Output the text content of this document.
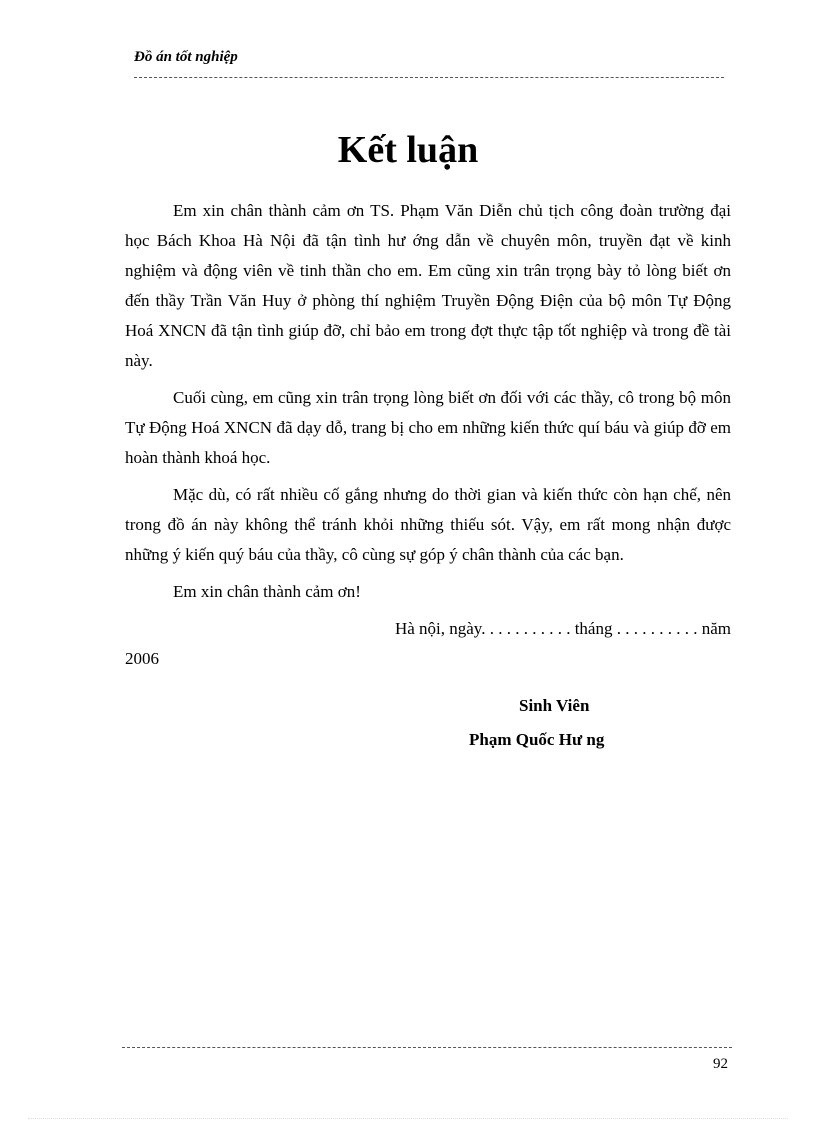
Đồ án tốt nghiệp
Kết luận

Em xin chân thành cảm ơn TS. Phạm Văn Diễn chủ tịch công đoàn trường đại học Bách Khoa Hà Nội đã tận tình hư ớng dẫn về chuyên môn, truyền đạt về kinh nghiệm và động viên về tinh thần cho em. Em cũng xin trân trọng bày tỏ lòng biết ơn đến thầy Trần Văn Huy ở phòng thí nghiệm Truyền Động Điện của bộ môn Tự Động Hoá XNCN đã tận tình giúp đỡ, chỉ bảo em trong đợt thực tập tốt nghiệp và trong đề tài này.

Cuối cùng, em cũng xin trân trọng lòng biết ơn đối với các thầy, cô trong bộ môn Tự Động Hoá XNCN đã dạy dỗ, trang bị cho em những kiến thức quí báu và giúp đỡ em hoàn thành khoá học.

Mặc dù, có rất nhiều cố gắng nhưng do thời gian và kiến thức còn hạn chế, nên trong đồ án này không thể tránh khỏi những thiếu sót. Vậy, em rất mong nhận được những ý kiến quý báu của thầy, cô cùng sự góp ý chân thành của các bạn.

Em xin chân thành cảm ơn!

Hà nội, ngày. . . . . . . . . . . tháng . . . . . . . . . . năm

2006

Sinh Viên

Phạm Quốc Hư ng

92
